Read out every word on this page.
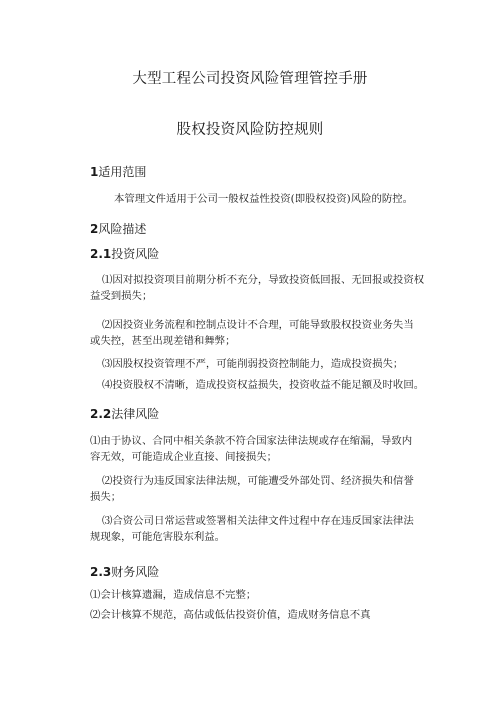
大型工程公司投资风险管理管控手册
股权投资风险防控规则
1适用范围
本管理文件适用于公司一般权益性投资(即股权投资)风险的防控。
2风险描述
2.1投资风险
⑴因对拟投资项目前期分析不充分，导致投资低回报、无回报或投资权
益受到损失；
⑵因投资业务流程和控制点设计不合理，可能导致股权投资业务失当
或失控，甚至出现差错和舞弊；
⑶因股权投资管理不严，可能削弱投资控制能力，造成投资损失；
⑷投资股权不清晰，造成投资权益损失，投资收益不能足额及时收回。
2.2法律风险
⑴由于协议、合同中相关条款不符合国家法律法规或存在缩漏，导致内
容无效，可能造成企业直接、间接损失；
⑵投资行为违反国家法律法规，可能遭受外部处罚、经济损失和信誉
损失；
⑶合资公司日常运营或签署相关法律文件过程中存在违反国家法律法
规现象，可能危害股东利益。
2.3财务风险
⑴会计核算遗漏，造成信息不完整；
⑵会计核算不规范，高估或低估投资价值，造成财务信息不真
